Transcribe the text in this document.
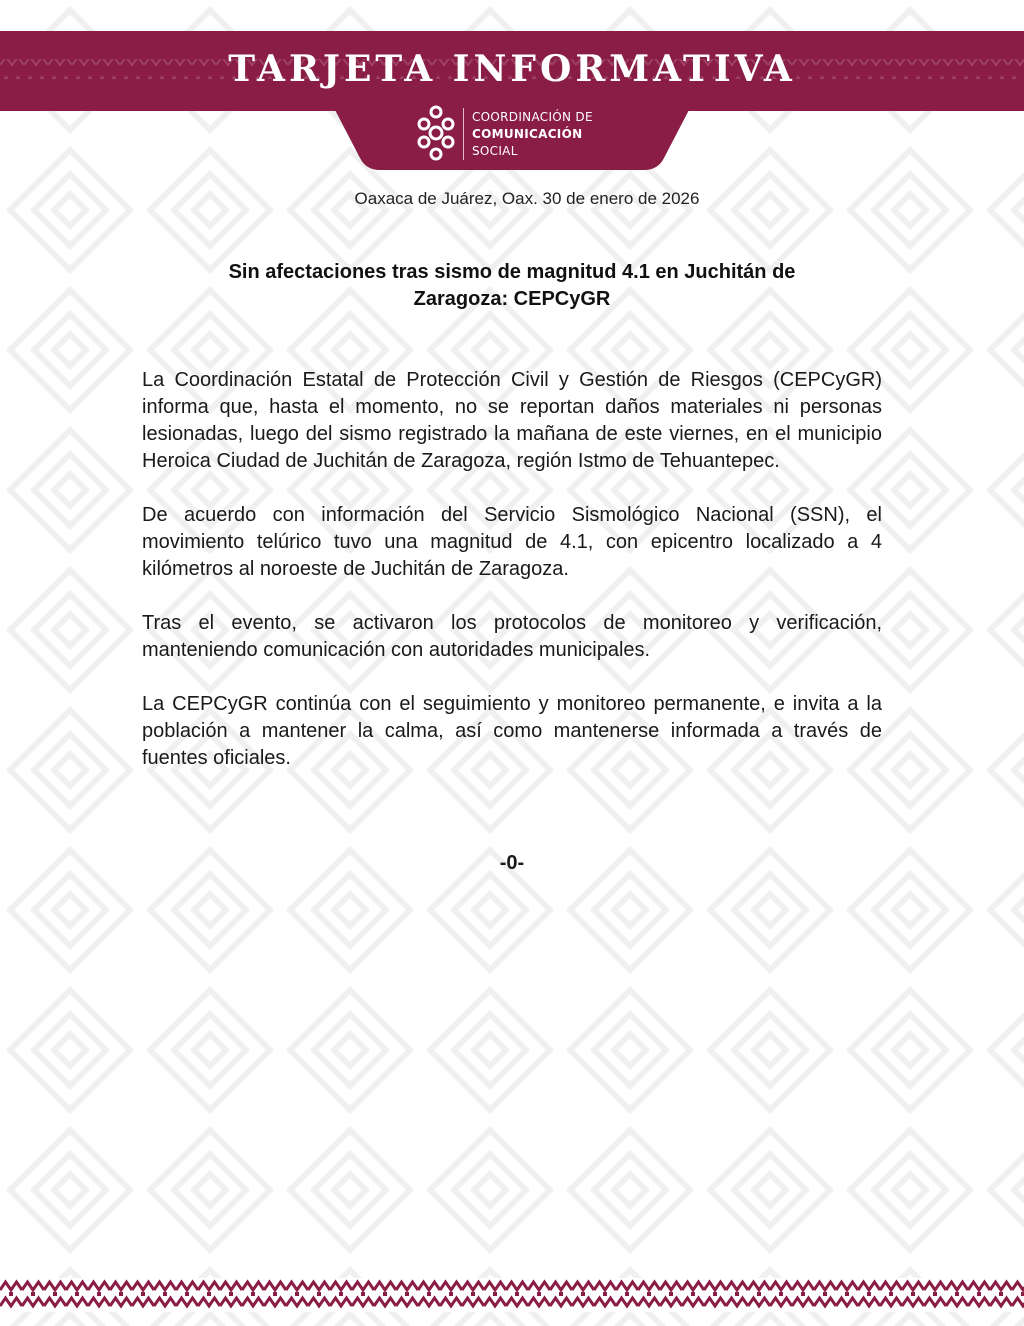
TARJETA INFORMATIVA
COORDINACIÓN DE
COMUNICACIÓN
SOCIAL
Oaxaca de Juárez, Oax. 30 de enero de 2026
Sin afectaciones tras sismo de magnitud 4.1 en Juchitán de
Zaragoza: CEPCyGR

La Coordinación Estatal de Protección Civil y Gestión de Riesgos (CEPCyGR) informa que, hasta el momento, no se reportan daños materiales ni personas lesionadas, luego del sismo registrado la mañana de este viernes, en el municipio Heroica Ciudad de Juchitán de Zaragoza, región Istmo de Tehuantepec.

De acuerdo con información del Servicio Sismológico Nacional (SSN), el movimiento telúrico tuvo una magnitud de 4.1, con epicentro localizado a 4 kilómetros al noroeste de Juchitán de Zaragoza.

Tras el evento, se activaron los protocolos de monitoreo y verificación, manteniendo comunicación con autoridades municipales.

La CEPCyGR continúa con el seguimiento y monitoreo permanente, e invita a la población a mantener la calma, así como mantenerse informada a través de fuentes oficiales.

-0-
